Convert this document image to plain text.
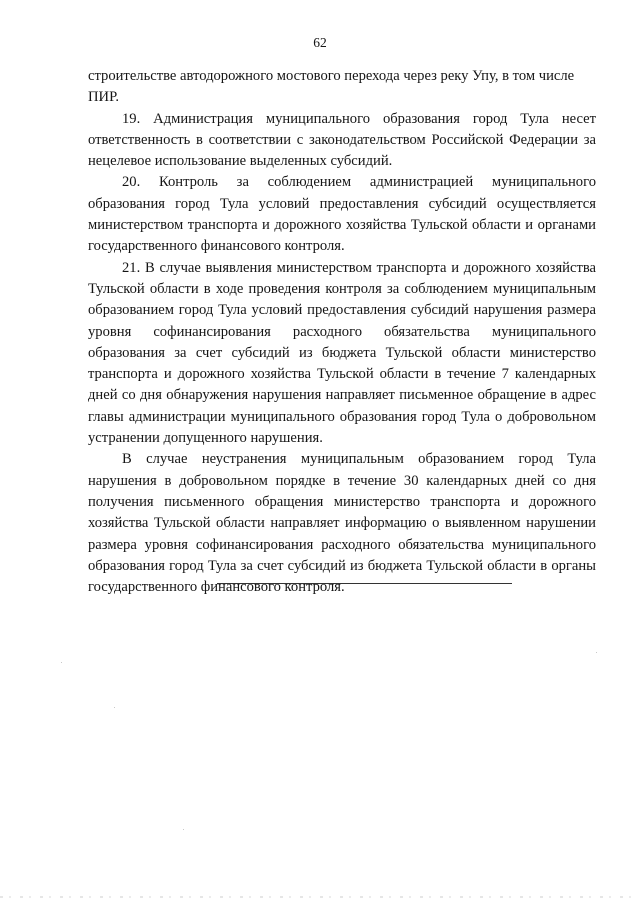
62

строительстве автодорожного мостового перехода через реку Упу, в том числе ПИР.

19. Администрация муниципального образования город Тула несет ответственность в соответствии с законодательством Российской Федерации за нецелевое использование выделенных субсидий.

20. Контроль за соблюдением администрацией муниципального образования город Тула условий предоставления субсидий осуществляется министерством транспорта и дорожного хозяйства Тульской области и органами государственного финансового контроля.

21. В случае выявления министерством транспорта и дорожного хозяйства Тульской области в ходе проведения контроля за соблюдением муниципальным образованием город Тула условий предоставления субсидий нарушения размера уровня софинансирования расходного обязательства муниципального образования за счет субсидий из бюджета Тульской области министерство транспорта и дорожного хозяйства Тульской области в течение 7 календарных дней со дня обнаружения нарушения направляет письменное обращение в адрес главы администрации муниципального образования город Тула о добровольном устранении допущенного нарушения.

В случае неустранения муниципальным образованием город Тула нарушения в добровольном порядке в течение 30 календарных дней со дня получения письменного обращения министерство транспорта и дорожного хозяйства Тульской области направляет информацию о выявленном нарушении размера уровня софинансирования расходного обязательства муниципального образования город Тула за счет субсидий из бюджета Тульской области в органы государственного финансового контроля.
